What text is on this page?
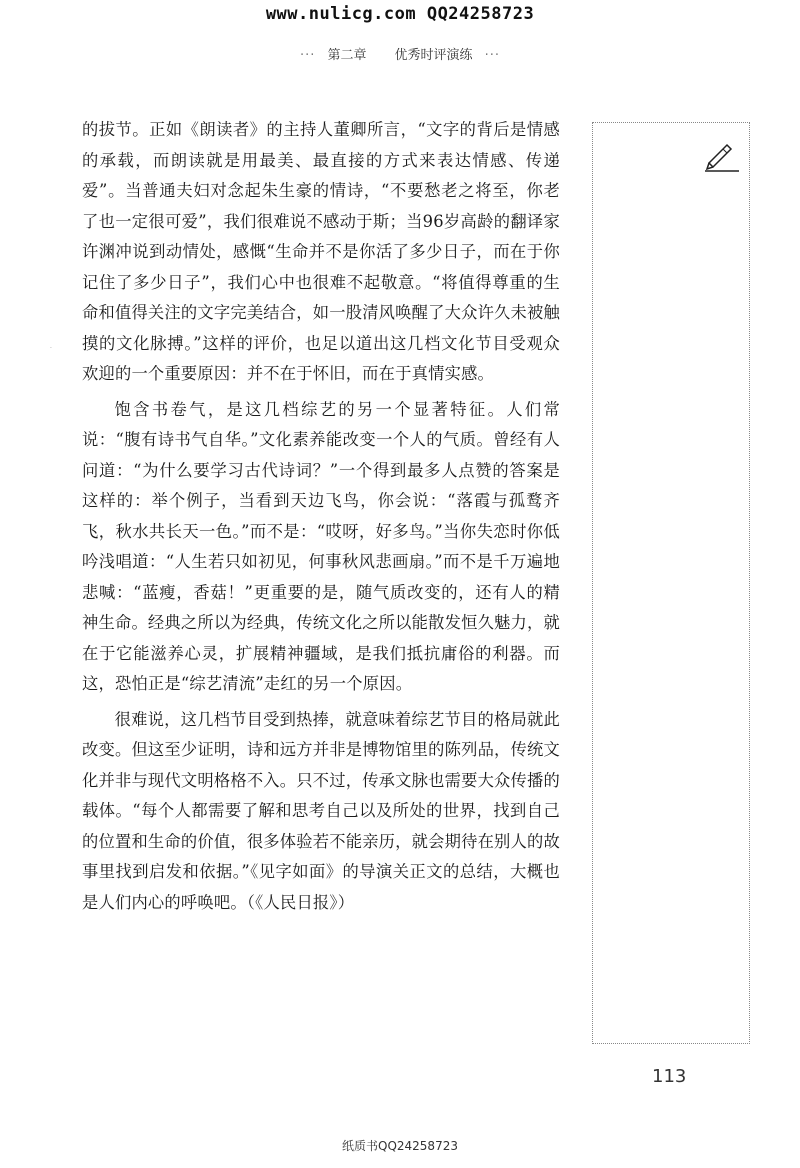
www.nulicg.com QQ24258723
··· 第二章 优秀时评演练 ···

的拔节。正如《朗读者》的主持人董卿所言，“文字的背后是情感的承载，而朗读就是用最美、最直接的方式来表达情感、传递爱”。当普通夫妇对念起朱生豪的情诗，“不要愁老之将至，你老了也一定很可爱”，我们很难说不感动于斯；当96岁高龄的翻译家许渊冲说到动情处，感慨“生命并不是你活了多少日子，而在于你记住了多少日子”，我们心中也很难不起敬意。“将值得尊重的生命和值得关注的文字完美结合，如一股清风唤醒了大众许久未被触摸的文化脉搏。”这样的评价，也足以道出这几档文化节目受观众欢迎的一个重要原因：并不在于怀旧，而在于真情实感。

饱含书卷气，是这几档综艺的另一个显著特征。人们常说：“腹有诗书气自华。”文化素养能改变一个人的气质。曾经有人问道：“为什么要学习古代诗词？”一个得到最多人点赞的答案是这样的：举个例子，当看到天边飞鸟，你会说：“落霞与孤鹜齐飞，秋水共长天一色。”而不是：“哎呀，好多鸟。”当你失恋时你低吟浅唱道：“人生若只如初见，何事秋风悲画扇。”而不是千万遍地悲喊：“蓝瘦，香菇！”更重要的是，随气质改变的，还有人的精神生命。经典之所以为经典，传统文化之所以能散发恒久魅力，就在于它能滋养心灵，扩展精神疆域，是我们抵抗庸俗的利器。而这，恐怕正是“综艺清流”走红的另一个原因。

很难说，这几档节目受到热捧，就意味着综艺节目的格局就此改变。但这至少证明，诗和远方并非是博物馆里的陈列品，传统文化并非与现代文明格格不入。只不过，传承文脉也需要大众传播的载体。“每个人都需要了解和思考自己以及所处的世界，找到自己的位置和生命的价值，很多体验若不能亲历，就会期待在别人的故事里找到启发和依据。”《见字如面》的导演关正文的总结，大概也是人们内心的呼唤吧。（《人民日报》）

·
113
纸质书QQ24258723
